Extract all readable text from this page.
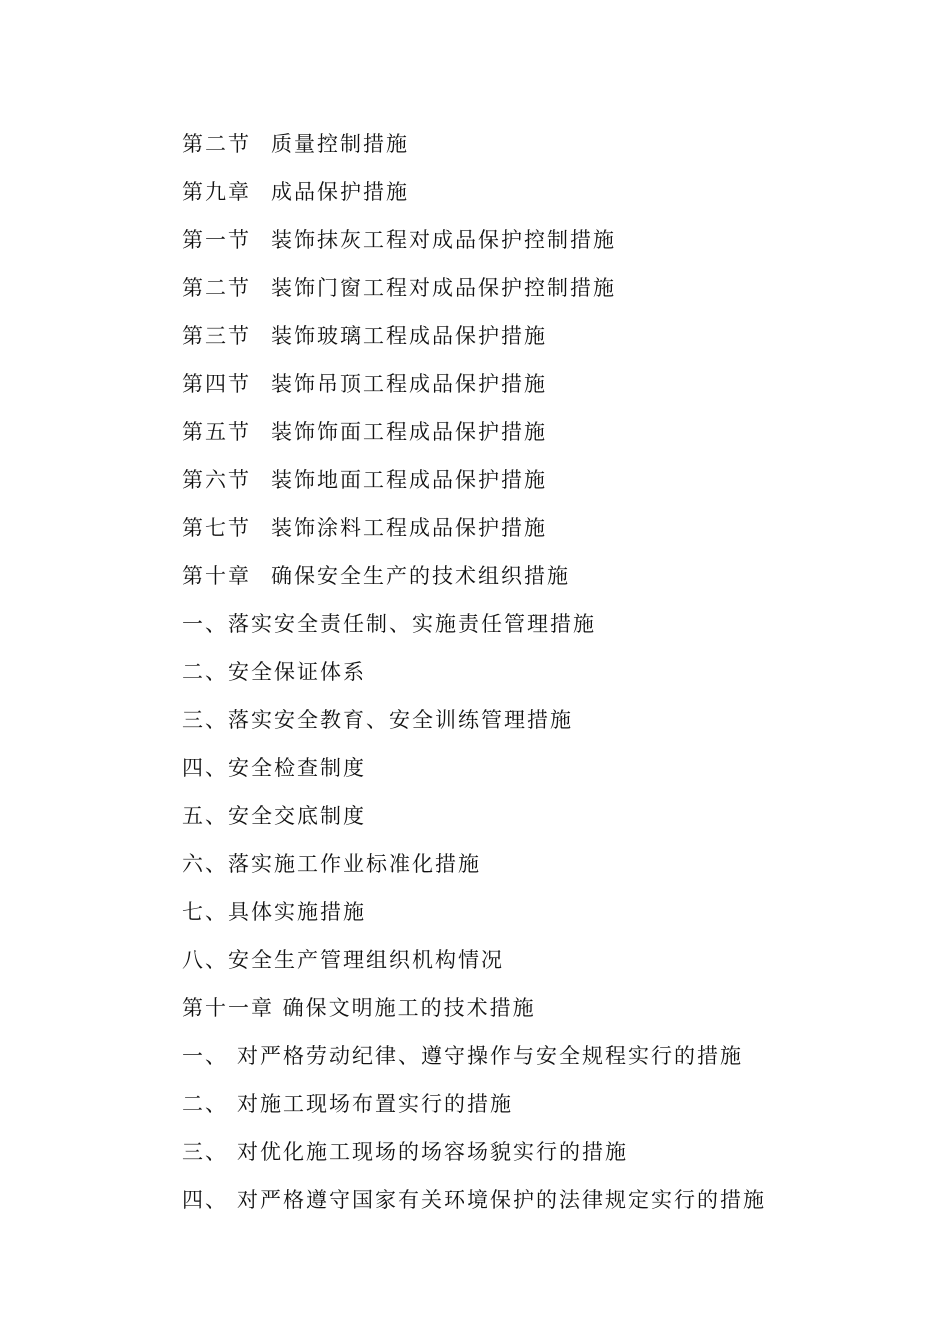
第二节 质量控制措施
第九章 成品保护措施
第一节 装饰抹灰工程对成品保护控制措施
第二节 装饰门窗工程对成品保护控制措施
第三节 装饰玻璃工程成品保护措施
第四节 装饰吊顶工程成品保护措施
第五节 装饰饰面工程成品保护措施
第六节 装饰地面工程成品保护措施
第七节 装饰涂料工程成品保护措施
第十章 确保安全生产的技术组织措施
一、落实安全责任制、实施责任管理措施
二、安全保证体系
三、落实安全教育、安全训练管理措施
四、安全检查制度
五、安全交底制度
六、落实施工作业标准化措施
七、具体实施措施
八、安全生产管理组织机构情况
第十一章 确保文明施工的技术措施
一、 对严格劳动纪律、遵守操作与安全规程实行的措施
二、 对施工现场布置实行的措施
三、 对优化施工现场的场容场貌实行的措施
四、 对严格遵守国家有关环境保护的法律规定实行的措施
